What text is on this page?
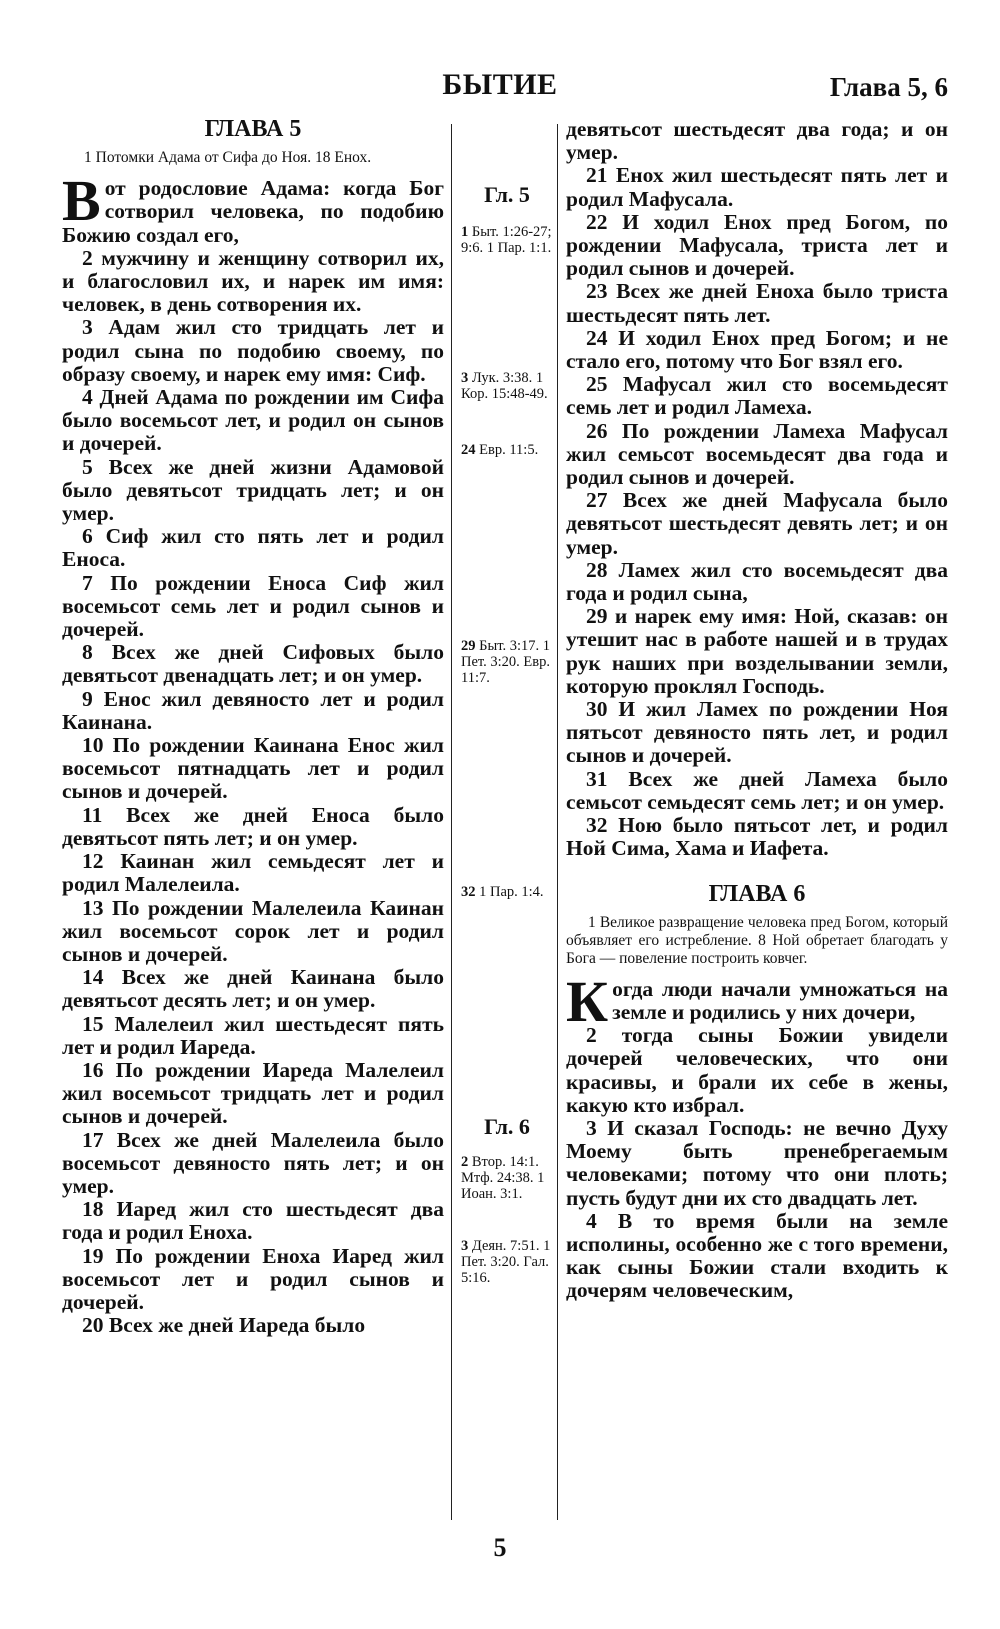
БЫТИЕ	Глава 5, 6
ГЛАВА 5
1 Потомки Адама от Сифа до Ноя. 18 Енох.

Вот родословие Адама: когда Бог сотворил человека, по подобию Божию создал его,

2 мужчину и женщину сотворил их, и благословил их, и нарек им имя: человек, в день сотворения их.

3 Адам жил сто тридцать лет и родил сына по подобию своему, по образу своему, и нарек ему имя: Сиф.

4 Дней Адама по рождении им Сифа было восемьсот лет, и родил он сынов и дочерей.

5 Всех же дней жизни Адамовой было девятьсот тридцать лет; и он умер.

6 Сиф жил сто пять лет и родил Еноса.

7 По рождении Еноса Сиф жил восемьсот семь лет и родил сынов и дочерей.

8 Всех же дней Сифовых было девятьсот двенадцать лет; и он умер.

9 Енос жил девяносто лет и родил Каинана.

10 По рождении Каинана Енос жил восемьсот пятнадцать лет и родил сынов и дочерей.

11 Всех же дней Еноса было девятьсот пять лет; и он умер.

12 Каинан жил семьдесят лет и родил Малелеила.

13 По рождении Малелеила Каинан жил восемьсот сорок лет и родил сынов и дочерей.

14 Всех же дней Каинана было девятьсот десять лет; и он умер.

15 Малелеил жил шестьдесят пять лет и родил Иареда.

16 По рождении Иареда Малелеил жил восемьсот тридцать лет и родил сынов и дочерей.

17 Всех же дней Малелеила было восемьсот девяносто пять лет; и он умер.

18 Иаред жил сто шестьдесят два года и родил Еноха.

19 По рождении Еноха Иаред жил восемьсот лет и родил сынов и дочерей.

20 Всех же дней Иареда было

Гл. 5
1 Быт. 1:26-27; 9:6. 1 Пар. 1:1.
3 Лук. 3:38. 1 Кор. 15:48-49.
24 Евр. 11:5.
29 Быт. 3:17. 1 Пет. 3:20. Евр. 11:7.
32 1 Пар. 1:4.
Гл. 6
2 Втор. 14:1. Мтф. 24:38. 1 Иоан. 3:1.
3 Деян. 7:51. 1 Пет. 3:20. Гал. 5:16.

девятьсот шестьдесят два года; и он умер.

21 Енох жил шестьдесят пять лет и родил Мафусала.

22 И ходил Енох пред Богом, по рождении Мафусала, триста лет и родил сынов и дочерей.

23 Всех же дней Еноха было триста шестьдесят пять лет.

24 И ходил Енох пред Богом; и не стало его, потому что Бог взял его.

25 Мафусал жил сто восемьдесят семь лет и родил Ламеха.

26 По рождении Ламеха Мафусал жил семьсот восемьдесят два года и родил сынов и дочерей.

27 Всех же дней Мафусала было девятьсот шестьдесят девять лет; и он умер.

28 Ламех жил сто восемьдесят два года и родил сына,

29 и нарек ему имя: Ной, сказав: он утешит нас в работе нашей и в трудах рук наших при возделывании земли, которую проклял Господь.

30 И жил Ламех по рождении Ноя пятьсот девяносто пять лет, и родил сынов и дочерей.

31 Всех же дней Ламеха было семьсот семьдесят семь лет; и он умер.

32 Ною было пятьсот лет, и родил Ной Сима, Хама и Иафета.

ГЛАВА 6
1 Великое развращение человека пред Богом, который объявляет его истребление. 8 Ной обретает благодать у Бога — повеление построить ковчег.

Когда люди начали умножаться на земле и родились у них дочери,

2 тогда сыны Божии увидели дочерей человеческих, что они красивы, и брали их себе в жены, какую кто избрал.

3 И сказал Господь: не вечно Духу Моему быть пренебрегаемым человеками; потому что они плоть; пусть будут дни их сто двадцать лет.

4 В то время были на земле исполины, особенно же с того времени, как сыны Божии стали входить к дочерям человеческим,

5
